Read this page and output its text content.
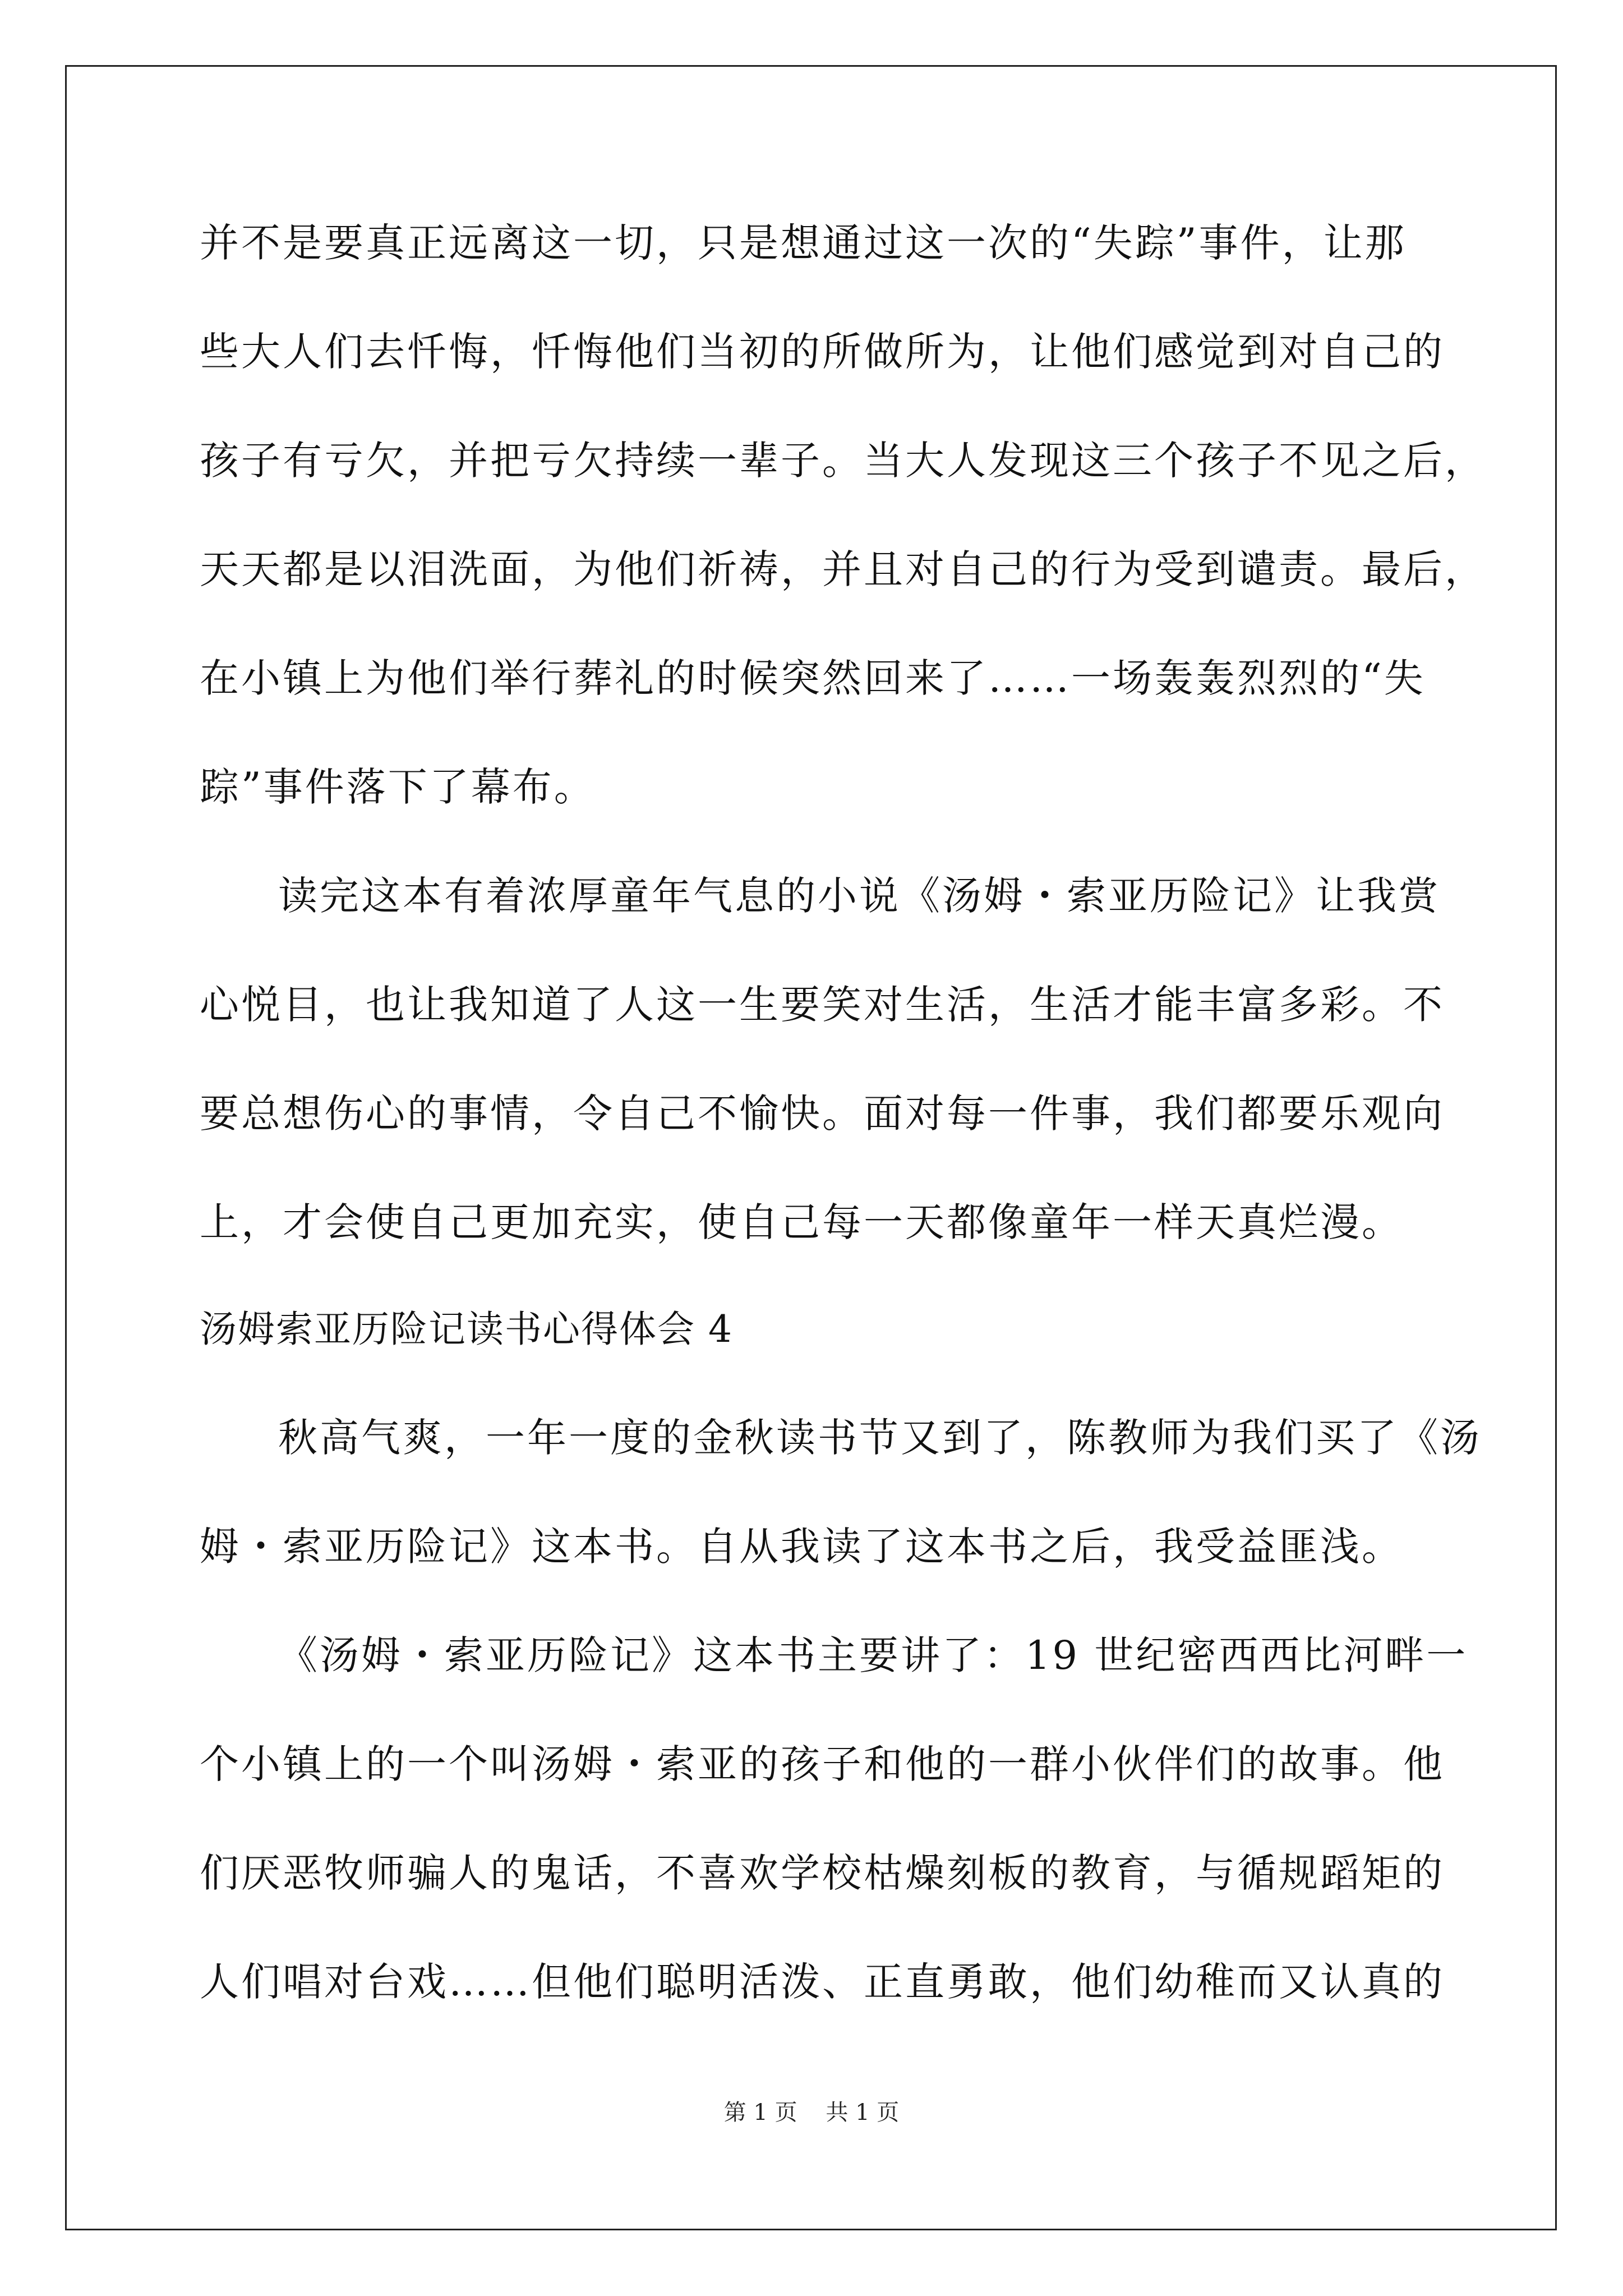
并不是要真正远离这一切，只是想通过这一次的“失踪”事件，让那

些大人们去忏悔，忏悔他们当初的所做所为，让他们感觉到对自己的

孩子有亏欠，并把亏欠持续一辈子。当大人发现这三个孩子不见之后，

天天都是以泪洗面，为他们祈祷，并且对自己的行为受到谴责。最后，

在小镇上为他们举行葬礼的时候突然回来了……一场轰轰烈烈的“失

踪”事件落下了幕布。

读完这本有着浓厚童年气息的小说《汤姆・索亚历险记》让我赏

心悦目，也让我知道了人这一生要笑对生活，生活才能丰富多彩。不

要总想伤心的事情，令自己不愉快。面对每一件事，我们都要乐观向

上，才会使自己更加充实，使自己每一天都像童年一样天真烂漫。

汤姆索亚历险记读书心得体会 4

秋高气爽，一年一度的金秋读书节又到了，陈教师为我们买了《汤

姆・索亚历险记》这本书。自从我读了这本书之后，我受益匪浅。

《汤姆・索亚历险记》这本书主要讲了：19 世纪密西西比河畔一

个小镇上的一个叫汤姆・索亚的孩子和他的一群小伙伴们的故事。他

们厌恶牧师骗人的鬼话，不喜欢学校枯燥刻板的教育，与循规蹈矩的

人们唱对台戏……但他们聪明活泼、正直勇敢，他们幼稚而又认真的

第 1 页    共 1 页
